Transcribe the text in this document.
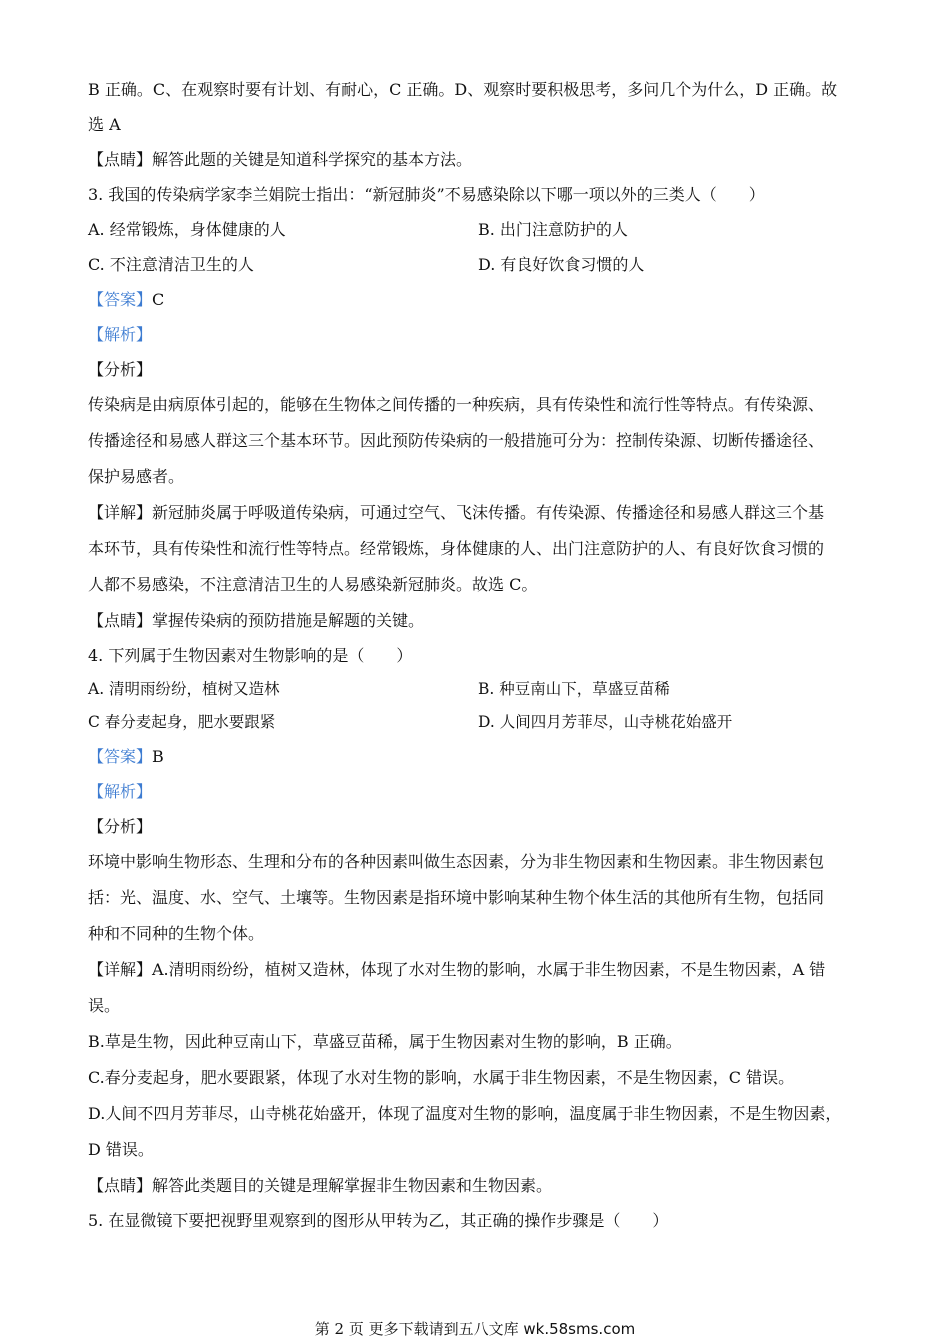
B 正确。C、在观察时要有计划、有耐心，C 正确。D、观察时要积极思考，多问几个为什么，D 正确。故
选 A
【点睛】解答此题的关键是知道科学探究的基本方法。
3. 我国的传染病学家李兰娟院士指出：“新冠肺炎”不易感染除以下哪一项以外的三类人（　　）
A. 经常锻炼，身体健康的人	B. 出门注意防护的人
C. 不注意清洁卫生的人	D. 有良好饮食习惯的人
【答案】C
【解析】
【分析】
传染病是由病原体引起的，能够在生物体之间传播的一种疾病，具有传染性和流行性等特点。有传染源、
传播途径和易感人群这三个基本环节。因此预防传染病的一般措施可分为：控制传染源、切断传播途径、
保护易感者。
【详解】新冠肺炎属于呼吸道传染病，可通过空气、飞沫传播。有传染源、传播途径和易感人群这三个基
本环节，具有传染性和流行性等特点。经常锻炼，身体健康的人、出门注意防护的人、有良好饮食习惯的
人都不易感染，不注意清洁卫生的人易感染新冠肺炎。故选 C。
【点睛】掌握传染病的预防措施是解题的关键。
4. 下列属于生物因素对生物影响的是（　　）
A. 清明雨纷纷，植树又造林	B. 种豆南山下，草盛豆苗稀
C 春分麦起身，肥水要跟紧	D. 人间四月芳菲尽，山寺桃花始盛开
【答案】B
【解析】
【分析】
环境中影响生物形态、生理和分布的各种因素叫做生态因素，分为非生物因素和生物因素。非生物因素包
括：光、温度、水、空气、土壤等。生物因素是指环境中影响某种生物个体生活的其他所有生物，包括同
种和不同种的生物个体。
【详解】A.清明雨纷纷，植树又造林，体现了水对生物的影响，水属于非生物因素，不是生物因素，A 错
误。
B.草是生物，因此种豆南山下，草盛豆苗稀，属于生物因素对生物的影响，B 正确。
C.春分麦起身，肥水要跟紧，体现了水对生物的影响，水属于非生物因素，不是生物因素，C 错误。
D.人间不四月芳菲尽，山寺桃花始盛开，体现了温度对生物的影响，温度属于非生物因素，不是生物因素，
D 错误。
【点睛】解答此类题目的关键是理解掌握非生物因素和生物因素。
5. 在显微镜下要把视野里观察到的图形从甲转为乙，其正确的操作步骤是（　　）
第 2 页 更多下载请到五八文库 wk.58sms.com
